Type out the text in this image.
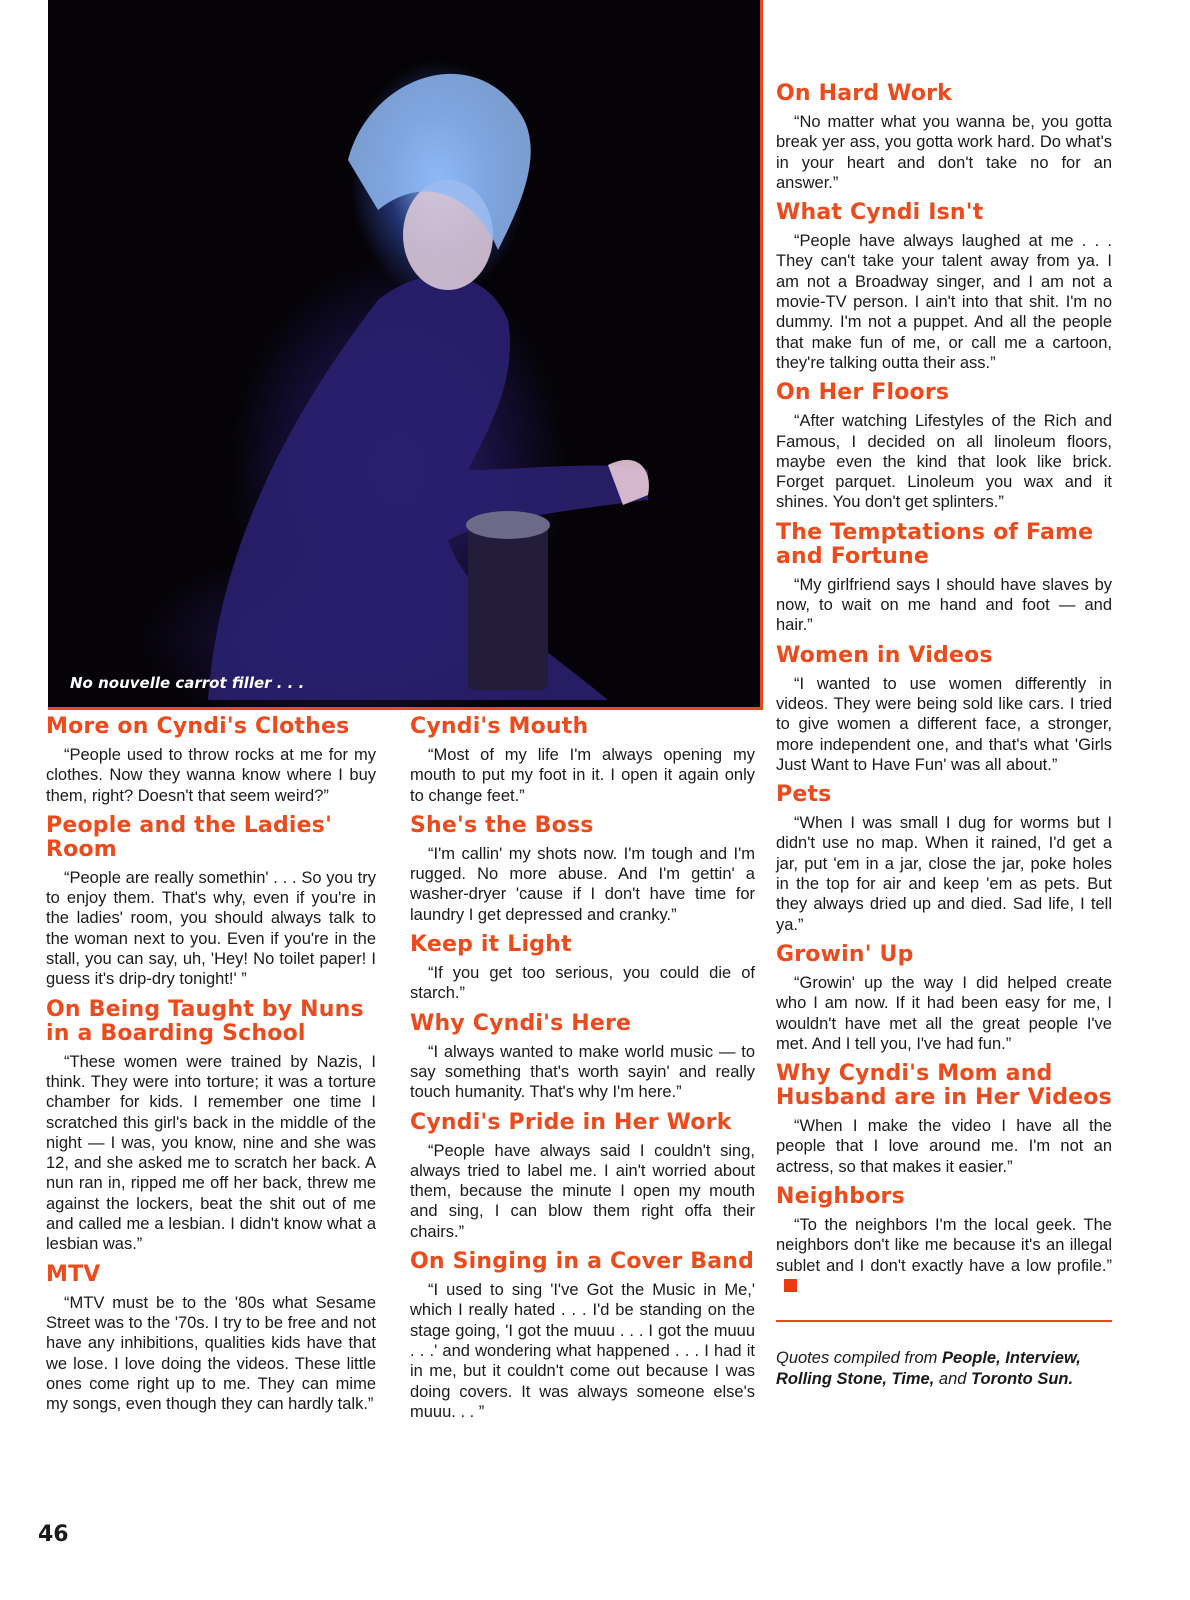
No nouvelle carrot filler . . .
More on Cyndi's Clothes

“People used to throw rocks at me for my clothes. Now they wanna know where I buy them, right? Doesn't that seem weird?”

People and the Ladies' Room

“People are really somethin' . . . So you try to enjoy them. That's why, even if you're in the ladies' room, you should always talk to the woman next to you. Even if you're in the stall, you can say, uh, 'Hey! No toilet paper! I guess it's drip-dry tonight!' ”

On Being Taught by Nuns in a Boarding School

“These women were trained by Nazis, I think. They were into torture; it was a torture chamber for kids. I remember one time I scratched this girl's back in the middle of the night — I was, you know, nine and she was 12, and she asked me to scratch her back. A nun ran in, ripped me off her back, threw me against the lockers, beat the shit out of me and called me a lesbian. I didn't know what a lesbian was.”

MTV

“MTV must be to the '80s what Sesame Street was to the '70s. I try to be free and not have any inhibitions, qualities kids have that we lose. I love doing the videos. These little ones come right up to me. They can mime my songs, even though they can hardly talk.”

Cyndi's Mouth

“Most of my life I'm always opening my mouth to put my foot in it. I open it again only to change feet.”

She's the Boss

“I'm callin' my shots now. I'm tough and I'm rugged. No more abuse. And I'm gettin' a washer-dryer 'cause if I don't have time for laundry I get depressed and cranky.”

Keep it Light

“If you get too serious, you could die of starch.”

Why Cyndi's Here

“I always wanted to make world music — to say something that's worth sayin' and really touch humanity. That's why I'm here.”

Cyndi's Pride in Her Work

“People have always said I couldn't sing, always tried to label me. I ain't worried about them, because the minute I open my mouth and sing, I can blow them right offa their chairs.”

On Singing in a Cover Band

“I used to sing 'I've Got the Music in Me,' which I really hated . . . I'd be standing on the stage going, 'I got the muuu . . . I got the muuu . . .' and wondering what happened . . . I had it in me, but it couldn't come out because I was doing covers. It was always someone else's muuu. . . ”

On Hard Work

“No matter what you wanna be, you gotta break yer ass, you gotta work hard. Do what's in your heart and don't take no for an answer.”

What Cyndi Isn't

“People have always laughed at me . . . They can't take your talent away from ya. I am not a Broadway singer, and I am not a movie-TV person. I ain't into that shit. I'm no dummy. I'm not a puppet. And all the people that make fun of me, or call me a cartoon, they're talking outta their ass.”

On Her Floors

“After watching Lifestyles of the Rich and Famous, I decided on all linoleum floors, maybe even the kind that look like brick. Forget parquet. Linoleum you wax and it shines. You don't get splinters.”

The Temptations of Fame and Fortune

“My girlfriend says I should have slaves by now, to wait on me hand and foot — and hair.”

Women in Videos

“I wanted to use women differently in videos. They were being sold like cars. I tried to give women a different face, a stronger, more independent one, and that's what 'Girls Just Want to Have Fun' was all about.”

Pets

“When I was small I dug for worms but I didn't use no map. When it rained, I'd get a jar, put 'em in a jar, close the jar, poke holes in the top for air and keep 'em as pets. But they always dried up and died. Sad life, I tell ya.”

Growin' Up

“Growin' up the way I did helped create who I am now. If it had been easy for me, I wouldn't have met all the great people I've met. And I tell you, I've had fun.”

Why Cyndi's Mom and Husband are in Her Videos

“When I make the video I have all the people that I love around me. I'm not an actress, so that makes it easier.”

Neighbors

“To the neighbors I'm the local geek. The neighbors don't like me because it's an illegal sublet and I don't exactly have a low profile.”

Quotes compiled from People, Interview, Rolling Stone, Time, and Toronto Sun.
46
